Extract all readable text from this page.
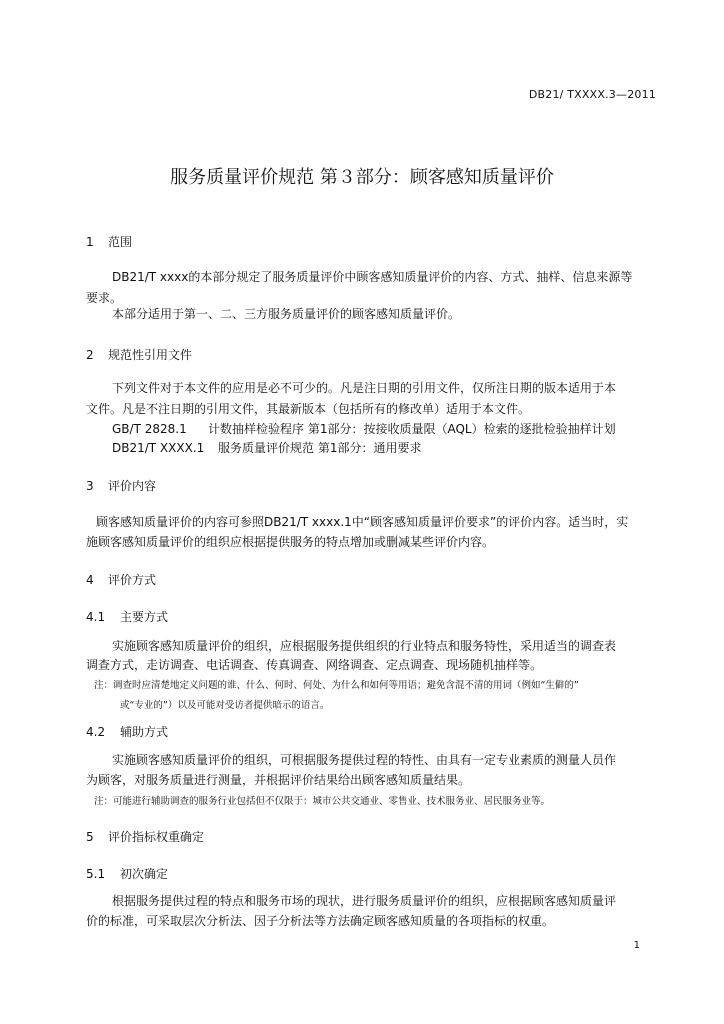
DB21/ TXXXX.3—2011
服务质量评价规范 第３部分：顾客感知质量评价
1 范围
DB21/T xxxx的本部分规定了服务质量评价中顾客感知质量评价的内容、方式、抽样、信息来源等
要求。
本部分适用于第一、二、三方服务质量评价的顾客感知质量评价。
2 规范性引用文件
下列文件对于本文件的应用是必不可少的。凡是注日期的引用文件，仅所注日期的版本适用于本
文件。凡是不注日期的引用文件，其最新版本（包括所有的修改单）适用于本文件。
GB/T 2828.1 计数抽样检验程序 第1部分：按接收质量限（AQL）检索的逐批检验抽样计划
DB21/T XXXX.1 服务质量评价规范 第1部分：通用要求
3 评价内容
顾客感知质量评价的内容可参照DB21/T xxxx.1中“顾客感知质量评价要求”的评价内容。适当时，实
施顾客感知质量评价的组织应根据提供服务的特点增加或删减某些评价内容。
4 评价方式
4.1 主要方式
实施顾客感知质量评价的组织，应根据服务提供组织的行业特点和服务特性，采用适当的调查表
调查方式，走访调查、电话调查、传真调查、网络调查、定点调查、现场随机抽样等。
注：调查时应清楚地定义问题的谁、什么、何时、何处、为什么和如何等用语；避免含混不清的用词（例如“生僻的”
或“专业的”）以及可能对受访者提供暗示的语言。
4.2 辅助方式
实施顾客感知质量评价的组织，可根据服务提供过程的特性、由具有一定专业素质的测量人员作
为顾客，对服务质量进行测量，并根据评价结果给出顾客感知质量结果。
注：可能进行辅助调查的服务行业包括但不仅限于：城市公共交通业、零售业、技术服务业、居民服务业等。
5 评价指标权重确定
5.1 初次确定
根据服务提供过程的特点和服务市场的现状，进行服务质量评价的组织，应根据顾客感知质量评
价的标准，可采取层次分析法、因子分析法等方法确定顾客感知质量的各项指标的权重。
1
